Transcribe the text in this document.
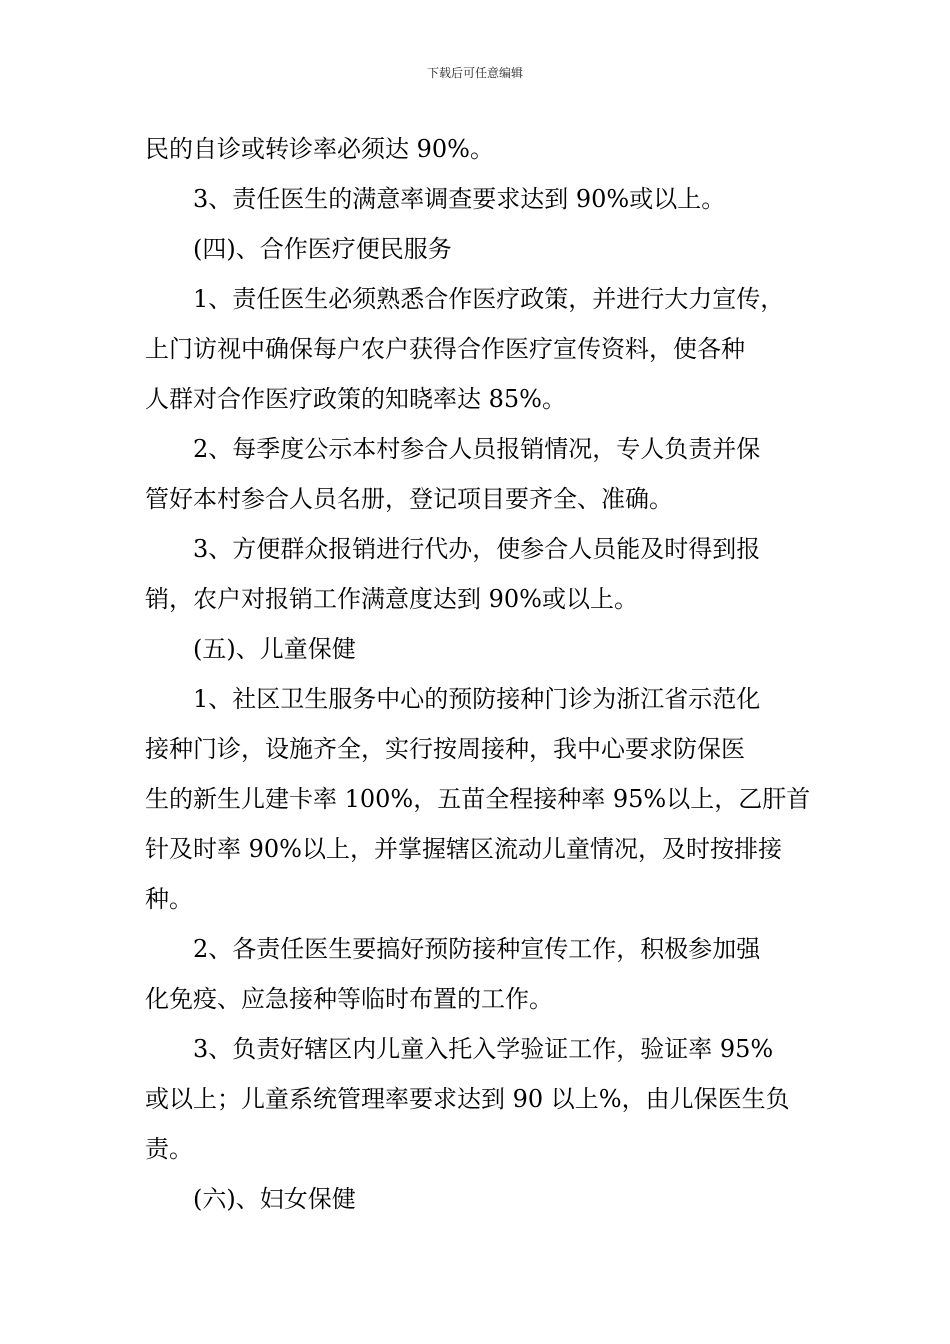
下载后可任意编辑
民的自诊或转诊率必须达 90%。
3、责任医生的满意率调查要求达到 90%或以上。
(四)、合作医疗便民服务
1、责任医生必须熟悉合作医疗政策，并进行大力宣传，
上门访视中确保每户农户获得合作医疗宣传资料，使各种
人群对合作医疗政策的知晓率达 85%。
2、每季度公示本村参合人员报销情况，专人负责并保
管好本村参合人员名册，登记项目要齐全、准确。
3、方便群众报销进行代办，使参合人员能及时得到报
销，农户对报销工作满意度达到 90%或以上。
(五)、儿童保健
1、社区卫生服务中心的预防接种门诊为浙江省示范化
接种门诊，设施齐全，实行按周接种，我中心要求防保医
生的新生儿建卡率 100%，五苗全程接种率 95%以上，乙肝首
针及时率 90%以上，并掌握辖区流动儿童情况，及时按排接
种。
2、各责任医生要搞好预防接种宣传工作，积极参加强
化免疫、应急接种等临时布置的工作。
3、负责好辖区内儿童入托入学验证工作，验证率 95%
或以上；儿童系统管理率要求达到 90 以上%，由儿保医生负
责。
(六)、妇女保健
